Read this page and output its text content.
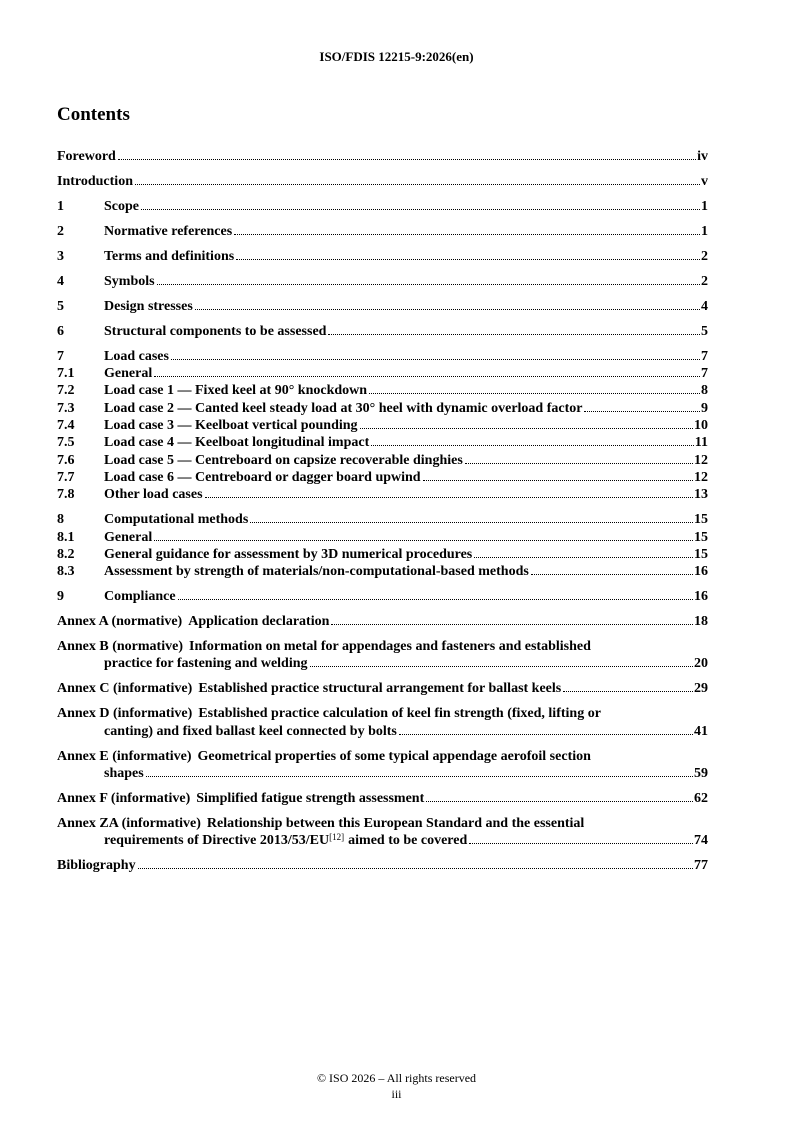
ISO/FDIS 12215-9:2026(en)
Contents
Foreword	iv
Introduction	v
1	Scope	1
2	Normative references	1
3	Terms and definitions	2
4	Symbols	2
5	Design stresses	4
6	Structural components to be assessed	5
7	Load cases	7
7.1	General	7
7.2	Load case 1 — Fixed keel at 90° knockdown	8
7.3	Load case 2 — Canted keel steady load at 30° heel with dynamic overload factor	9
7.4	Load case 3 — Keelboat vertical pounding	10
7.5	Load case 4 — Keelboat longitudinal impact	11
7.6	Load case 5 — Centreboard on capsize recoverable dinghies	12
7.7	Load case 6 — Centreboard or dagger board upwind	12
7.8	Other load cases	13
8	Computational methods	15
8.1	General	15
8.2	General guidance for assessment by 3D numerical procedures	15
8.3	Assessment by strength of materials/non-computational-based methods	16
9	Compliance	16
Annex A (normative) Application declaration	18
Annex B (normative) Information on metal for appendages and fasteners and established
practice for fastening and welding	20
Annex C (informative) Established practice structural arrangement for ballast keels	29
Annex D (informative) Established practice calculation of keel fin strength (fixed, lifting or
canting) and fixed ballast keel connected by bolts	41
Annex E (informative) Geometrical properties of some typical appendage aerofoil section
shapes	59
Annex F (informative) Simplified fatigue strength assessment	62
Annex ZA (informative) Relationship between this European Standard and the essential
requirements of Directive 2013/53/EU[12] aimed to be covered	74
Bibliography	77
© ISO 2026 – All rights reserved
iii
